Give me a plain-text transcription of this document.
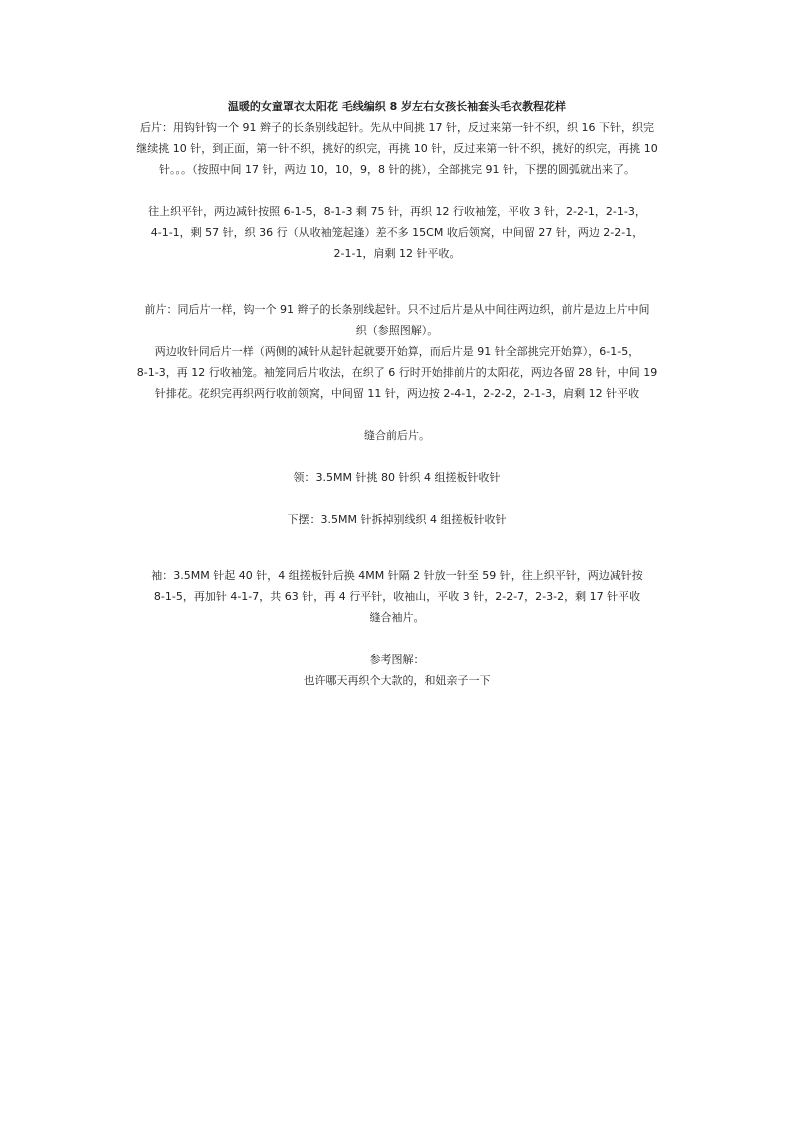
温暖的女童罩衣太阳花 毛线编织 8 岁左右女孩长袖套头毛衣教程花样

后片：用钩针钩一个 91 辫子的长条别线起针。先从中间挑 17 针，反过来第一针不织，织 16 下针，织完

继续挑 10 针，到正面，第一针不织，挑好的织完，再挑 10 针，反过来第一针不织，挑好的织完，再挑 10

针。。。（按照中间 17 针，两边 10，10，9，8 针的挑），全部挑完 91 针，下摆的圆弧就出来了。

往上织平针，两边减针按照 6-1-5，8-1-3 剩 75 针，再织 12 行收袖笼，平收 3 针，2-2-1，2-1-3，

4-1-1，剩 57 针，织 36 行（从收袖笼起逢）差不多 15CM 收后领窝，中间留 27 针，两边 2-2-1，

2-1-1，肩剩 12 针平收。

前片：同后片一样，钩一个 91 辫子的长条别线起针。只不过后片是从中间往两边织，前片是边上片中间

织（参照图解）。

两边收针同后片一样（两侧的减针从起针起就要开始算，而后片是 91 针全部挑完开始算），6-1-5，

8-1-3，再 12 行收袖笼。袖笼同后片收法，在织了 6 行时开始排前片的太阳花，两边各留 28 针，中间 19

针排花。花织完再织两行收前领窝，中间留 11 针，两边按 2-4-1，2-2-2，2-1-3，肩剩 12 针平收

缝合前后片。

领：3.5MM 针挑 80 针织 4 组搓板针收针

下摆：3.5MM 针拆掉别线织 4 组搓板针收针

袖：3.5MM 针起 40 针，4 组搓板针后换 4MM 针隔 2 针放一针至 59 针，往上织平针，两边减针按

8-1-5，再加针 4-1-7，共 63 针，再 4 行平针，收袖山，平收 3 针，2-2-7，2-3-2，剩 17 针平收

缝合袖片。

参考图解：

也许哪天再织个大款的，和妞亲子一下
